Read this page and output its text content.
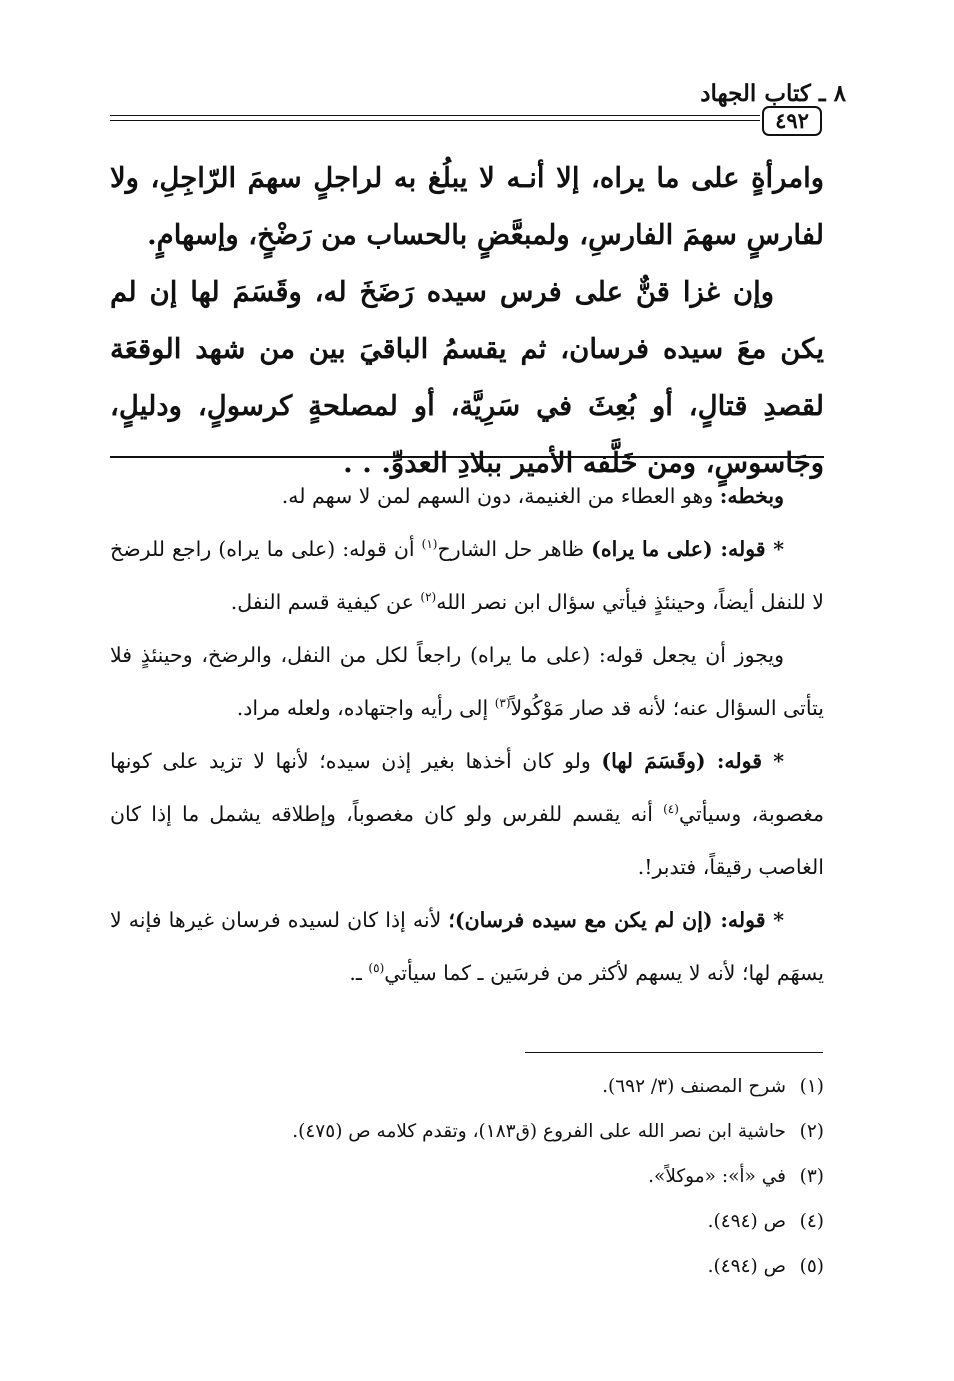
٨ ـ كتاب الجهاد
٤٩٢

وامرأةٍ على ما يراه، إلا أنـه لا يبلُغ به لراجلٍ سهمَ الرّاجِلِ، ولا لفارسٍ سهمَ الفارسِ، ولمبعَّضٍ بالحساب من رَضْخٍ، وإسهامٍ.

وإن غزا قنٌّ على فرس سيده رَضَخَ له، وقَسَمَ لها إن لم يكن معَ سيده فرسان، ثم يقسمُ الباقيَ بين من شهد الوقعَة لقصدِ قتالٍ، أو بُعِثَ في سَرِيَّة، أو لمصلحةٍ كرسولٍ، ودليلٍ، وجَاسوسٍ، ومن خَلَّفه الأمير ببلادِ العدوِّ. . .

وبخطه: وهو العطاء من الغنيمة، دون السهم لمن لا سهم له.

* قوله: (على ما يراه) ظاهر حل الشارح$^{(١)}$ أن قوله: (على ما يراه) راجع للرضخ لا للنفل أيضاً، وحينئذٍ فيأتي سؤال ابن نصر الله$^{(٢)}$ عن كيفية قسم النفل.

ويجوز أن يجعل قوله: (على ما يراه) راجعاً لكل من النفل، والرضخ، وحينئذٍ فلا يتأتى السؤال عنه؛ لأنه قد صار مَوْكُولاً$^{(٣)}$ إلى رأيه واجتهاده، ولعله مراد.

* قوله: (وقَسَمَ لها) ولو كان أخذها بغير إذن سيده؛ لأنها لا تزيد على كونها مغصوبة، وسيأتي$^{(٤)}$ أنه يقسم للفرس ولو كان مغصوباً، وإطلاقه يشمل ما إذا كان الغاصب رقيقاً، فتدبر!.

* قوله: (إن لم يكن مع سيده فرسان)؛ لأنه إذا كان لسيده فرسان غيرها فإنه لا يسهَم لها؛ لأنه لا يسهم لأكثر من فرسَين ـ كما سيأتي$^{(٥)}$ ـ.

(١)شرح المصنف (٣/ ٦٩٢).
(٢)حاشية ابن نصر الله على الفروع (ق١٨٣)، وتقدم كلامه ص (٤٧٥).
(٣)في «أ»: «موكلاً».
(٤)ص (٤٩٤).
(٥)ص (٤٩٤).
